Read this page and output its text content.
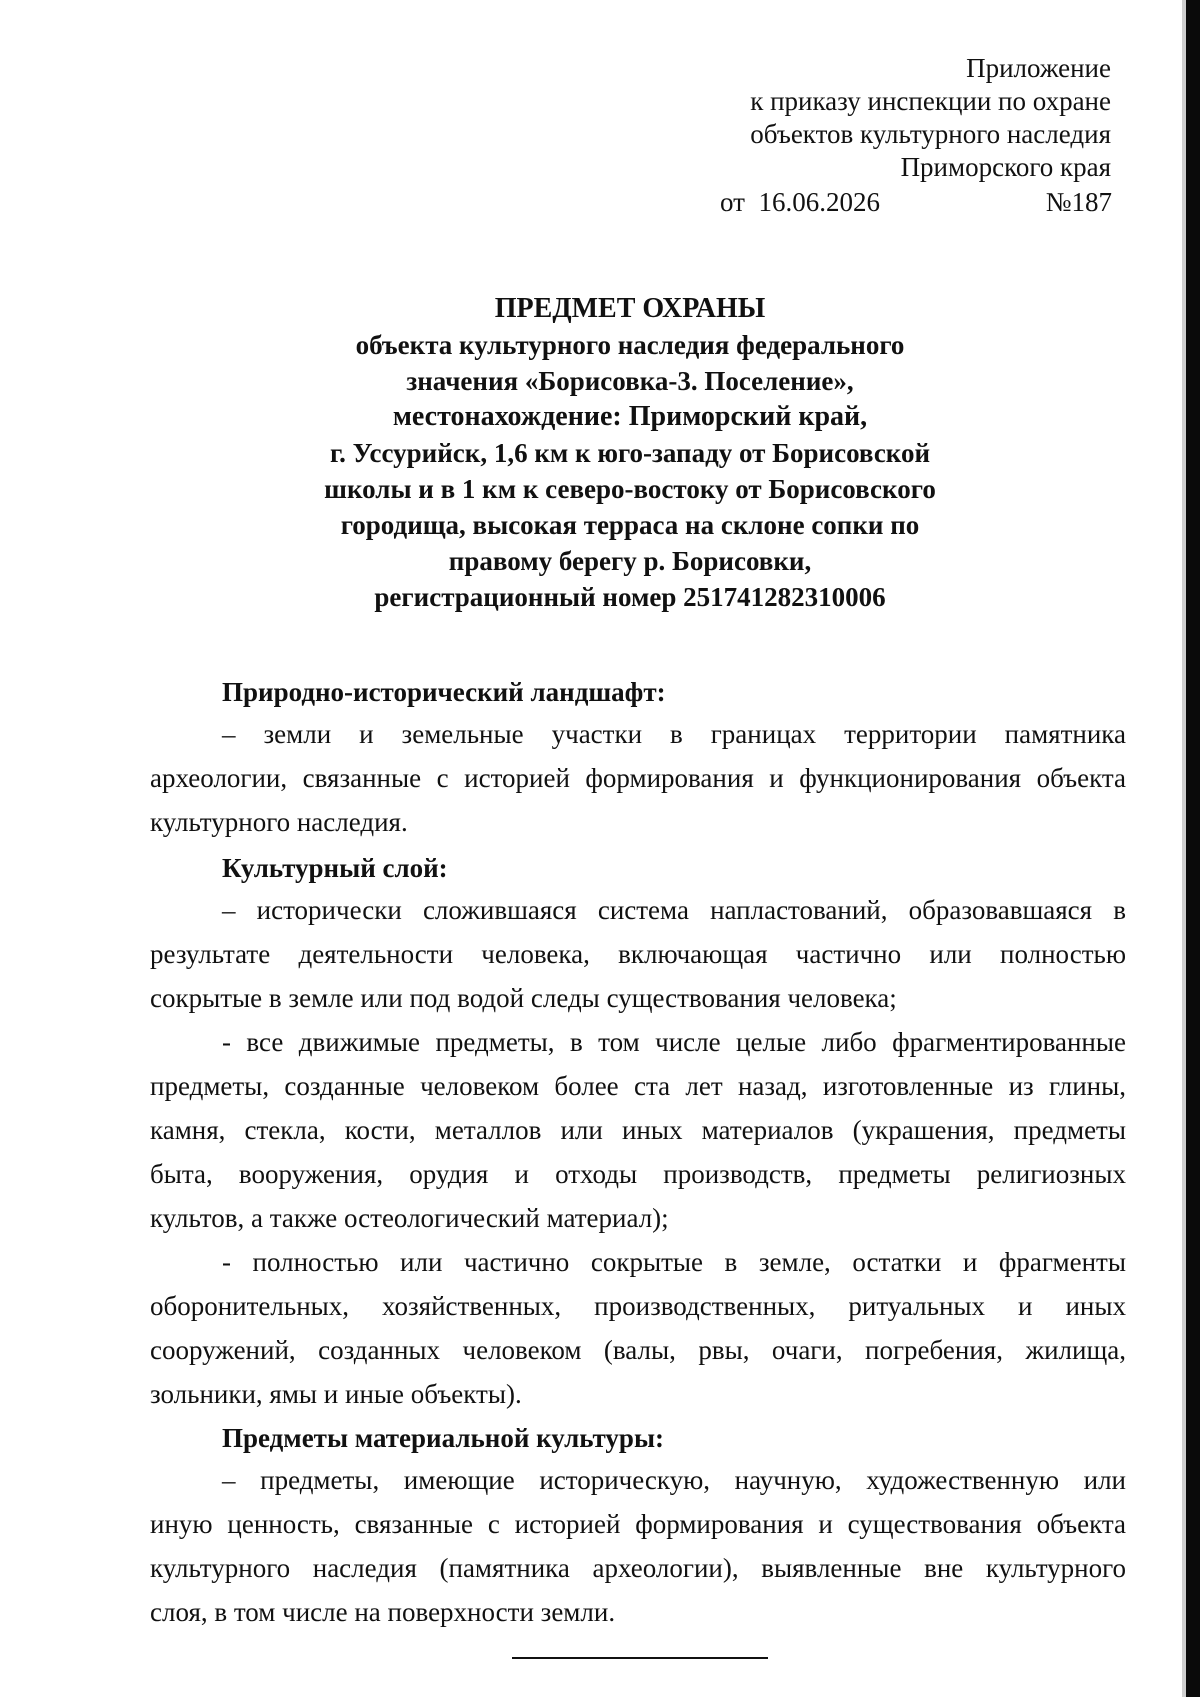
Приложение
к приказу инспекции по охране
объектов культурного наследия
Приморского края
от 16.06.2026	№187
ПРЕДМЕТ ОХРАНЫ
объекта культурного наследия федерального
значения «Борисовка-3. Поселение»,
местонахождение: Приморский край,
г. Уссурийск, 1,6 км к юго-западу от Борисовской
школы и в 1 км к северо-востоку от Борисовского
городища, высокая терраса на склоне сопки по
правому берегу р. Борисовки,
регистрационный номер 251741282310006
Природно-исторический ландшафт:
– земли и земельные участки в границах территории памятника
археологии, связанные с историей формирования и функционирования объекта
культурного наследия.
Культурный слой:
– исторически сложившаяся система напластований, образовавшаяся в
результате деятельности человека, включающая частично или полностью
сокрытые в земле или под водой следы существования человека;
- все движимые предметы, в том числе целые либо фрагментированные
предметы, созданные человеком более ста лет назад, изготовленные из глины,
камня, стекла, кости, металлов или иных материалов (украшения, предметы
быта, вооружения, орудия и отходы производств, предметы религиозных
культов, а также остеологический материал);
- полностью или частично сокрытые в земле, остатки и фрагменты
оборонительных, хозяйственных, производственных, ритуальных и иных
сооружений, созданных человеком (валы, рвы, очаги, погребения, жилища,
зольники, ямы и иные объекты).
Предметы материальной культуры:
– предметы, имеющие историческую, научную, художественную или
иную ценность, связанные с историей формирования и существования объекта
культурного наследия (памятника археологии), выявленные вне культурного
слоя, в том числе на поверхности земли.
